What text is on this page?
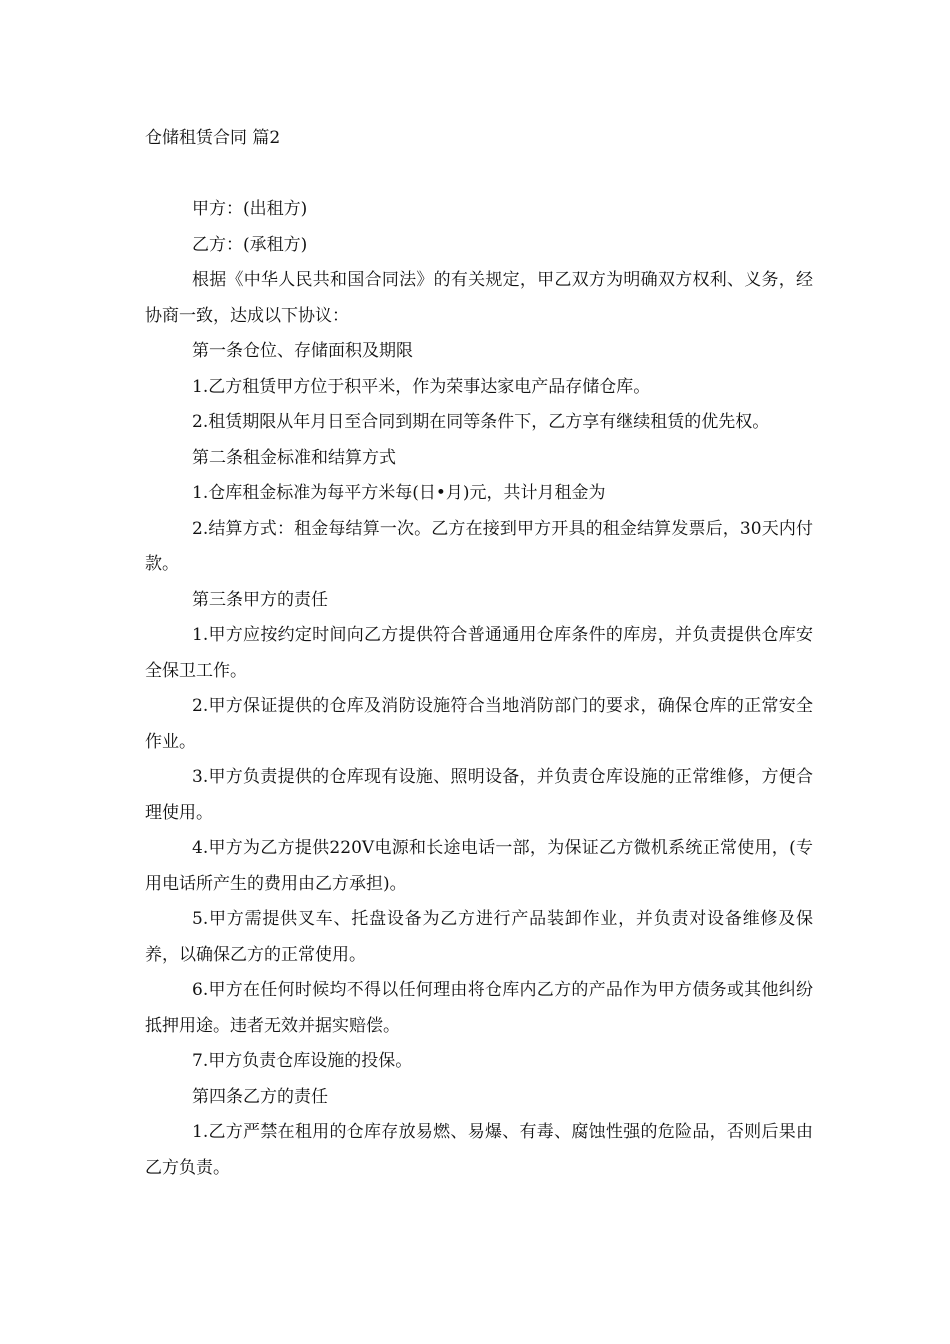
仓储租赁合同 篇2

甲方：(出租方)

乙方：(承租方)

根据《中华人民共和国合同法》的有关规定，甲乙双方为明确双方权利、义务，经协商一致，达成以下协议：

第一条仓位、存储面积及期限

1.乙方租赁甲方位于积平米，作为荣事达家电产品存储仓库。

2.租赁期限从年月日至合同到期在同等条件下，乙方享有继续租赁的优先权。

第二条租金标准和结算方式

1.仓库租金标准为每平方米每(日•月)元，共计月租金为

2.结算方式：租金每结算一次。乙方在接到甲方开具的租金结算发票后，30天内付款。

第三条甲方的责任

1.甲方应按约定时间向乙方提供符合普通通用仓库条件的库房，并负责提供仓库安全保卫工作。

2.甲方保证提供的仓库及消防设施符合当地消防部门的要求，确保仓库的正常安全作业。

3.甲方负责提供的仓库现有设施、照明设备，并负责仓库设施的正常维修，方便合理使用。

4.甲方为乙方提供220V电源和长途电话一部，为保证乙方微机系统正常使用，(专用电话所产生的费用由乙方承担)。

5.甲方需提供叉车、托盘设备为乙方进行产品装卸作业，并负责对设备维修及保养，以确保乙方的正常使用。

6.甲方在任何时候均不得以任何理由将仓库内乙方的产品作为甲方债务或其他纠纷抵押用途。违者无效并据实赔偿。

7.甲方负责仓库设施的投保。

第四条乙方的责任

1.乙方严禁在租用的仓库存放易燃、易爆、有毒、腐蚀性强的危险品，否则后果由乙方负责。
